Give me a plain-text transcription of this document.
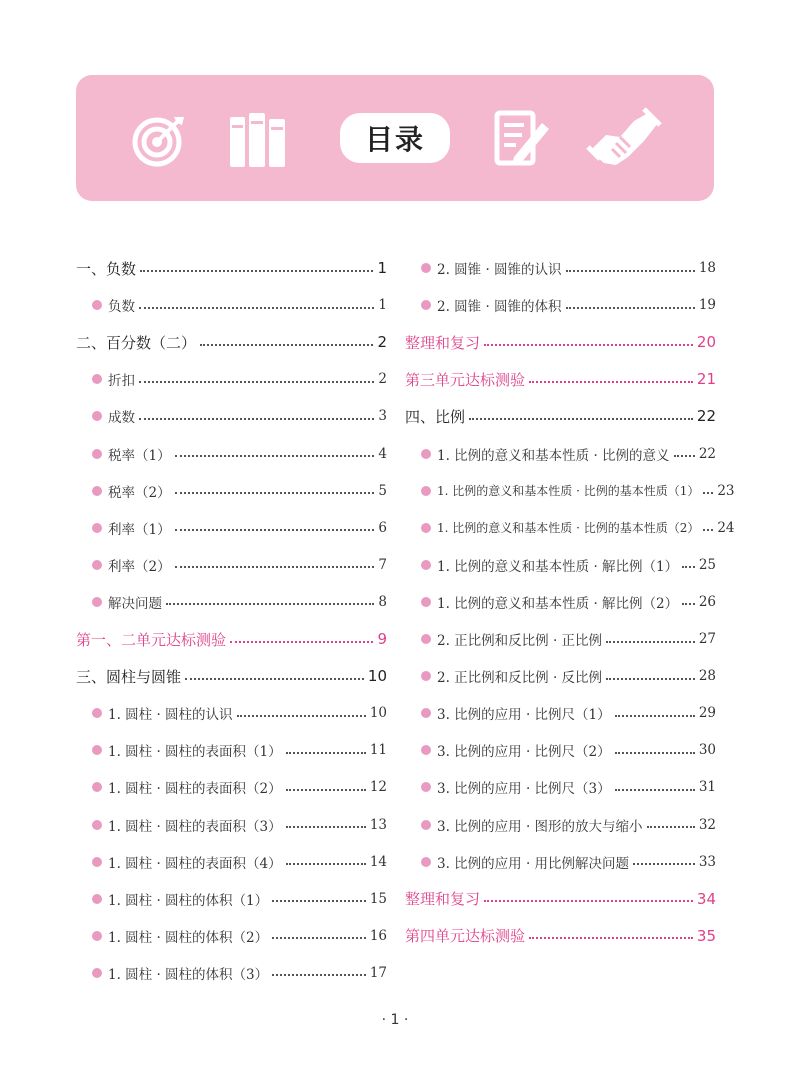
目录
一、负数	1
负数	1
二、百分数（二）	2
折扣	2
成数	3
税率（1）	4
税率（2）	5
利率（1）	6
利率（2）	7
解决问题	8
第一、二单元达标测验	9
三、圆柱与圆锥	10
1. 圆柱 · 圆柱的认识	10
1. 圆柱 · 圆柱的表面积（1）	11
1. 圆柱 · 圆柱的表面积（2）	12
1. 圆柱 · 圆柱的表面积（3）	13
1. 圆柱 · 圆柱的表面积（4）	14
1. 圆柱 · 圆柱的体积（1）	15
1. 圆柱 · 圆柱的体积（2）	16
1. 圆柱 · 圆柱的体积（3）	17
2. 圆锥 · 圆锥的认识	18
2. 圆锥 · 圆锥的体积	19
整理和复习	20
第三单元达标测验	21
四、比例	22
1. 比例的意义和基本性质 · 比例的意义 22
1. 比例的意义和基本性质 · 比例的基本性质（1） 23
1. 比例的意义和基本性质 · 比例的基本性质（2） 24
1. 比例的意义和基本性质 · 解比例（1） 25
1. 比例的意义和基本性质 · 解比例（2） 26
2. 正比例和反比例 · 正比例	27
2. 正比例和反比例 · 反比例	28
3. 比例的应用 · 比例尺（1）	29
3. 比例的应用 · 比例尺（2）	30
3. 比例的应用 · 比例尺（3）	31
3. 比例的应用 · 图形的放大与缩小	32
3. 比例的应用 · 用比例解决问题	33
整理和复习	34
第四单元达标测验	35
· 1 ·
